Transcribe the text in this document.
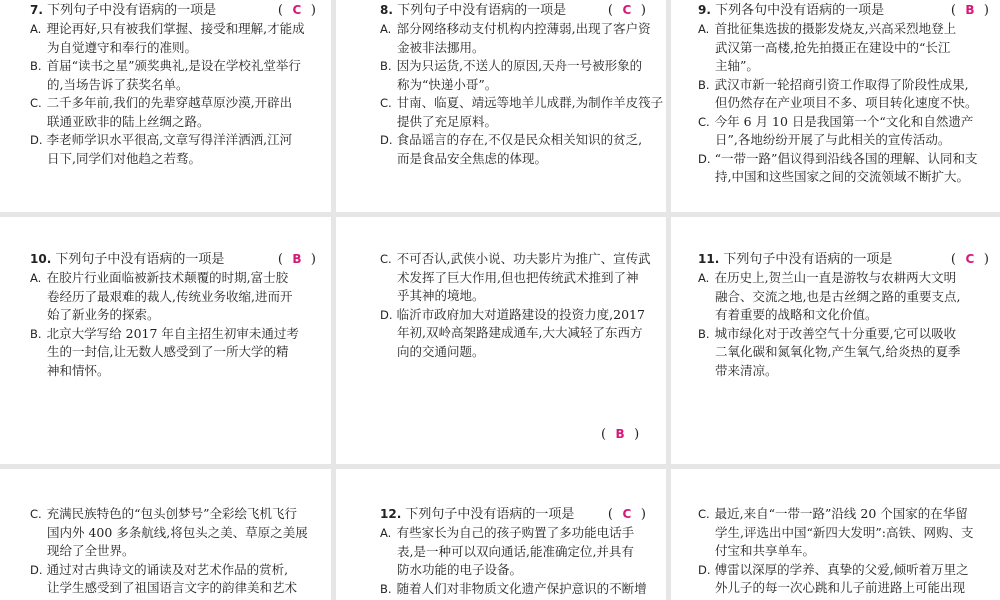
7. 下列句子中没有语病的一项是	( C )
A. 理论再好,只有被我们掌握、接受和理解,才能成
为自觉遵守和奉行的准则。
B. 首届“读书之星”颁奖典礼,是设在学校礼堂举行
的,当场告诉了获奖名单。
C. 二千多年前,我们的先辈穿越草原沙漠,开辟出
联通亚欧非的陆上丝绸之路。
D. 李老师学识水平很高,文章写得洋洋洒洒,江河
日下,同学们对他趋之若骛。
8. 下列句子中没有语病的一项是	( C )
A. 部分网络移动支付机构内控薄弱,出现了客户资
金被非法挪用。
B. 因为只运货,不送人的原因,天舟一号被形象的
称为“快递小哥”。
C. 甘南、临夏、靖远等地羊儿成群,为制作羊皮筏子
提供了充足原料。
D. 食品谣言的存在,不仅是民众相关知识的贫乏,
而是食品安全焦虑的体现。
9. 下列各句中没有语病的一项是	( B )
A. 首批征集选拔的摄影发烧友,兴高采烈地登上
武汉第一高楼,抢先拍摄正在建设中的“长江
主轴”。
B. 武汉市新一轮招商引资工作取得了阶段性成果,
但仍然存在产业项目不多、项目转化速度不快。
C. 今年 6 月 10 日是我国第一个“文化和自然遗产
日”,各地纷纷开展了与此相关的宣传活动。
D. “一带一路”倡议得到沿线各国的理解、认同和支
持,中国和这些国家之间的交流领域不断扩大。
10. 下列句子中没有语病的一项是	( B )
A. 在胶片行业面临被新技术颠覆的时期,富士胶
卷经历了最艰难的裁人,传统业务收缩,进而开
始了新业务的探索。
B. 北京大学写给 2017 年自主招生初审未通过考
生的一封信,让无数人感受到了一所大学的精
神和情怀。
C. 不可否认,武侠小说、功夫影片为推广、宣传武
术发挥了巨大作用,但也把传统武术推到了神
乎其神的境地。
D. 临沂市政府加大对道路建设的投资力度,2017
年初,双岭高架路建成通车,大大减轻了东西方
向的交通问题。
( B )
11. 下列句子中没有语病的一项是	( C )
A. 在历史上,贺兰山一直是游牧与农耕两大文明
融合、交流之地,也是古丝绸之路的重要支点,
有着重要的战略和文化价值。
B. 城市绿化对于改善空气十分重要,它可以吸收
二氧化碳和氮氧化物,产生氧气,给炎热的夏季
带来清凉。
C. 充满民族特色的“包头创梦号”全彩绘飞机飞行
国内外 400 多条航线,将包头之美、草原之美展
现给了全世界。
D. 通过对古典诗文的诵读及对艺术作品的赏析,
让学生感受到了祖国语言文字的韵律美和艺术
12. 下列句子中没有语病的一项是	( C )
A. 有些家长为自己的孩子购置了多功能电话手
表,是一种可以双向通话,能准确定位,并具有
防水功能的电子设备。
B. 随着人们对非物质文化遗产保护意识的不断增
C. 最近,来自“一带一路”沿线 20 个国家的在华留
学生,评选出中国“新四大发明”:高铁、网购、支
付宝和共享单车。
D. 傅雷以深厚的学养、真挚的父爱,倾听着万里之
外儿子的每一次心跳和儿子前进路上可能出现
